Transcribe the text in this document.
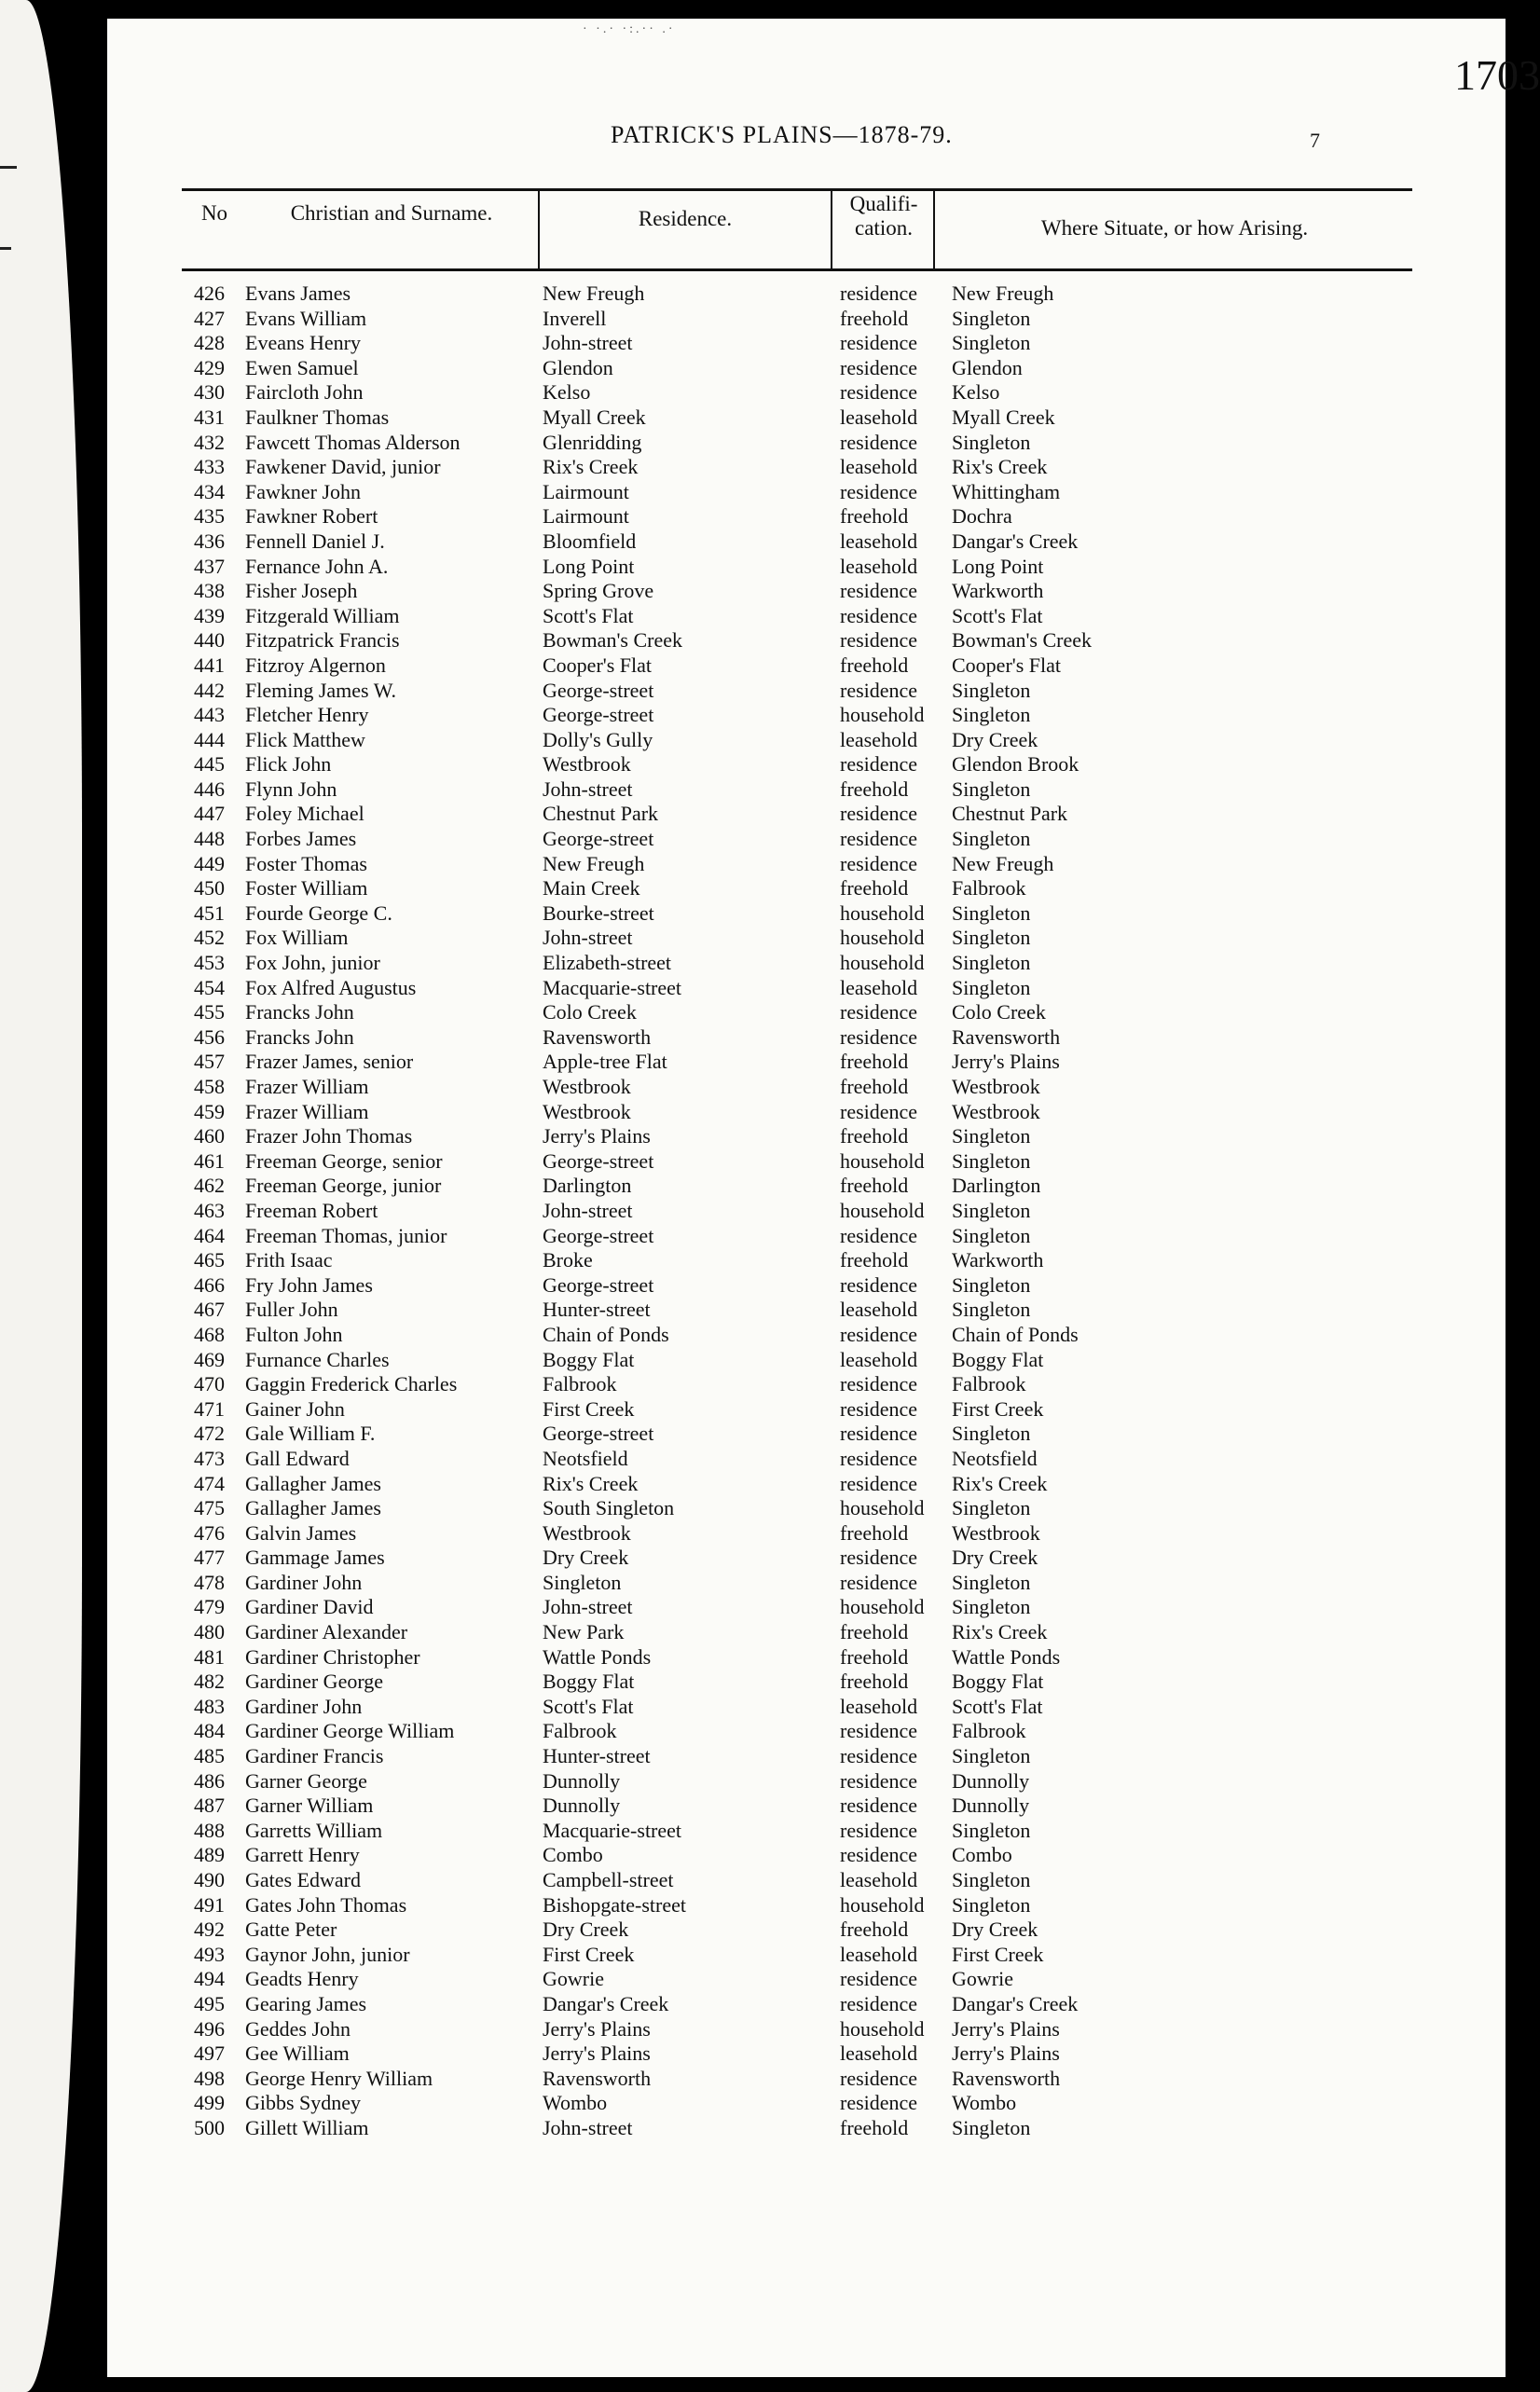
· ·.· ·:.·· .·
1703
PATRICK'S PLAINS—1878-79.	7
No	Christian and Surname.	Residence.
Qualifi-
cation.	Where Situate, or how Arising.
426 Evans James	New Freugh	residence New Freugh
427 Evans William	Inverell	freehold Singleton
428 Eveans Henry	John-street	residence Singleton
429 Ewen Samuel	Glendon	residence Glendon
430 Faircloth John	Kelso	residence Kelso
431 Faulkner Thomas	Myall Creek	leasehold Myall Creek
432 Fawcett Thomas Alderson	Glenridding	residence Singleton
433 Fawkener David, junior	Rix's Creek	leasehold Rix's Creek
434 Fawkner John	Lairmount	residence Whittingham
435 Fawkner Robert	Lairmount	freehold Dochra
436 Fennell Daniel J.	Bloomfield	leasehold Dangar's Creek
437 Fernance John A.	Long Point	leasehold Long Point
438 Fisher Joseph	Spring Grove	residence Warkworth
439 Fitzgerald William	Scott's Flat	residence Scott's Flat
440 Fitzpatrick Francis	Bowman's Creek	residence Bowman's Creek
441 Fitzroy Algernon	Cooper's Flat	freehold Cooper's Flat
442 Fleming James W.	George-street	residence Singleton
443 Fletcher Henry	George-street	household Singleton
444 Flick Matthew	Dolly's Gully	leasehold Dry Creek
445 Flick John	Westbrook	residence Glendon Brook
446 Flynn John	John-street	freehold Singleton
447 Foley Michael	Chestnut Park	residence Chestnut Park
448 Forbes James	George-street	residence Singleton
449 Foster Thomas	New Freugh	residence New Freugh
450 Foster William	Main Creek	freehold Falbrook
451 Fourde George C.	Bourke-street	household Singleton
452 Fox William	John-street	household Singleton
453 Fox John, junior	Elizabeth-street	household Singleton
454 Fox Alfred Augustus	Macquarie-street	leasehold Singleton
455 Francks John	Colo Creek	residence Colo Creek
456 Francks John	Ravensworth	residence Ravensworth
457 Frazer James, senior	Apple-tree Flat	freehold Jerry's Plains
458 Frazer William	Westbrook	freehold Westbrook
459 Frazer William	Westbrook	residence Westbrook
460 Frazer John Thomas	Jerry's Plains	freehold Singleton
461 Freeman George, senior	George-street	household Singleton
462 Freeman George, junior	Darlington	freehold Darlington
463 Freeman Robert	John-street	household Singleton
464 Freeman Thomas, junior	George-street	residence Singleton
465 Frith Isaac	Broke	freehold Warkworth
466 Fry John James	George-street	residence Singleton
467 Fuller John	Hunter-street	leasehold Singleton
468 Fulton John	Chain of Ponds	residence Chain of Ponds
469 Furnance Charles	Boggy Flat	leasehold Boggy Flat
470 Gaggin Frederick Charles	Falbrook	residence Falbrook
471 Gainer John	First Creek	residence First Creek
472 Gale William F.	George-street	residence Singleton
473 Gall Edward	Neotsfield	residence Neotsfield
474 Gallagher James	Rix's Creek	residence Rix's Creek
475 Gallagher James	South Singleton	household Singleton
476 Galvin James	Westbrook	freehold Westbrook
477 Gammage James	Dry Creek	residence Dry Creek
478 Gardiner John	Singleton	residence Singleton
479 Gardiner David	John-street	household Singleton
480 Gardiner Alexander	New Park	freehold Rix's Creek
481 Gardiner Christopher	Wattle Ponds	freehold Wattle Ponds
482 Gardiner George	Boggy Flat	freehold Boggy Flat
483 Gardiner John	Scott's Flat	leasehold Scott's Flat
484 Gardiner George William	Falbrook	residence Falbrook
485 Gardiner Francis	Hunter-street	residence Singleton
486 Garner George	Dunnolly	residence Dunnolly
487 Garner William	Dunnolly	residence Dunnolly
488 Garretts William	Macquarie-street	residence Singleton
489 Garrett Henry	Combo	residence Combo
490 Gates Edward	Campbell-street	leasehold Singleton
491 Gates John Thomas	Bishopgate-street	household Singleton
492 Gatte Peter	Dry Creek	freehold Dry Creek
493 Gaynor John, junior	First Creek	leasehold First Creek
494 Geadts Henry	Gowrie	residence Gowrie
495 Gearing James	Dangar's Creek	residence Dangar's Creek
496 Geddes John	Jerry's Plains	household Jerry's Plains
497 Gee William	Jerry's Plains	leasehold Jerry's Plains
498 George Henry William	Ravensworth	residence Ravensworth
499 Gibbs Sydney	Wombo	residence Wombo
500 Gillett William	John-street	freehold Singleton
